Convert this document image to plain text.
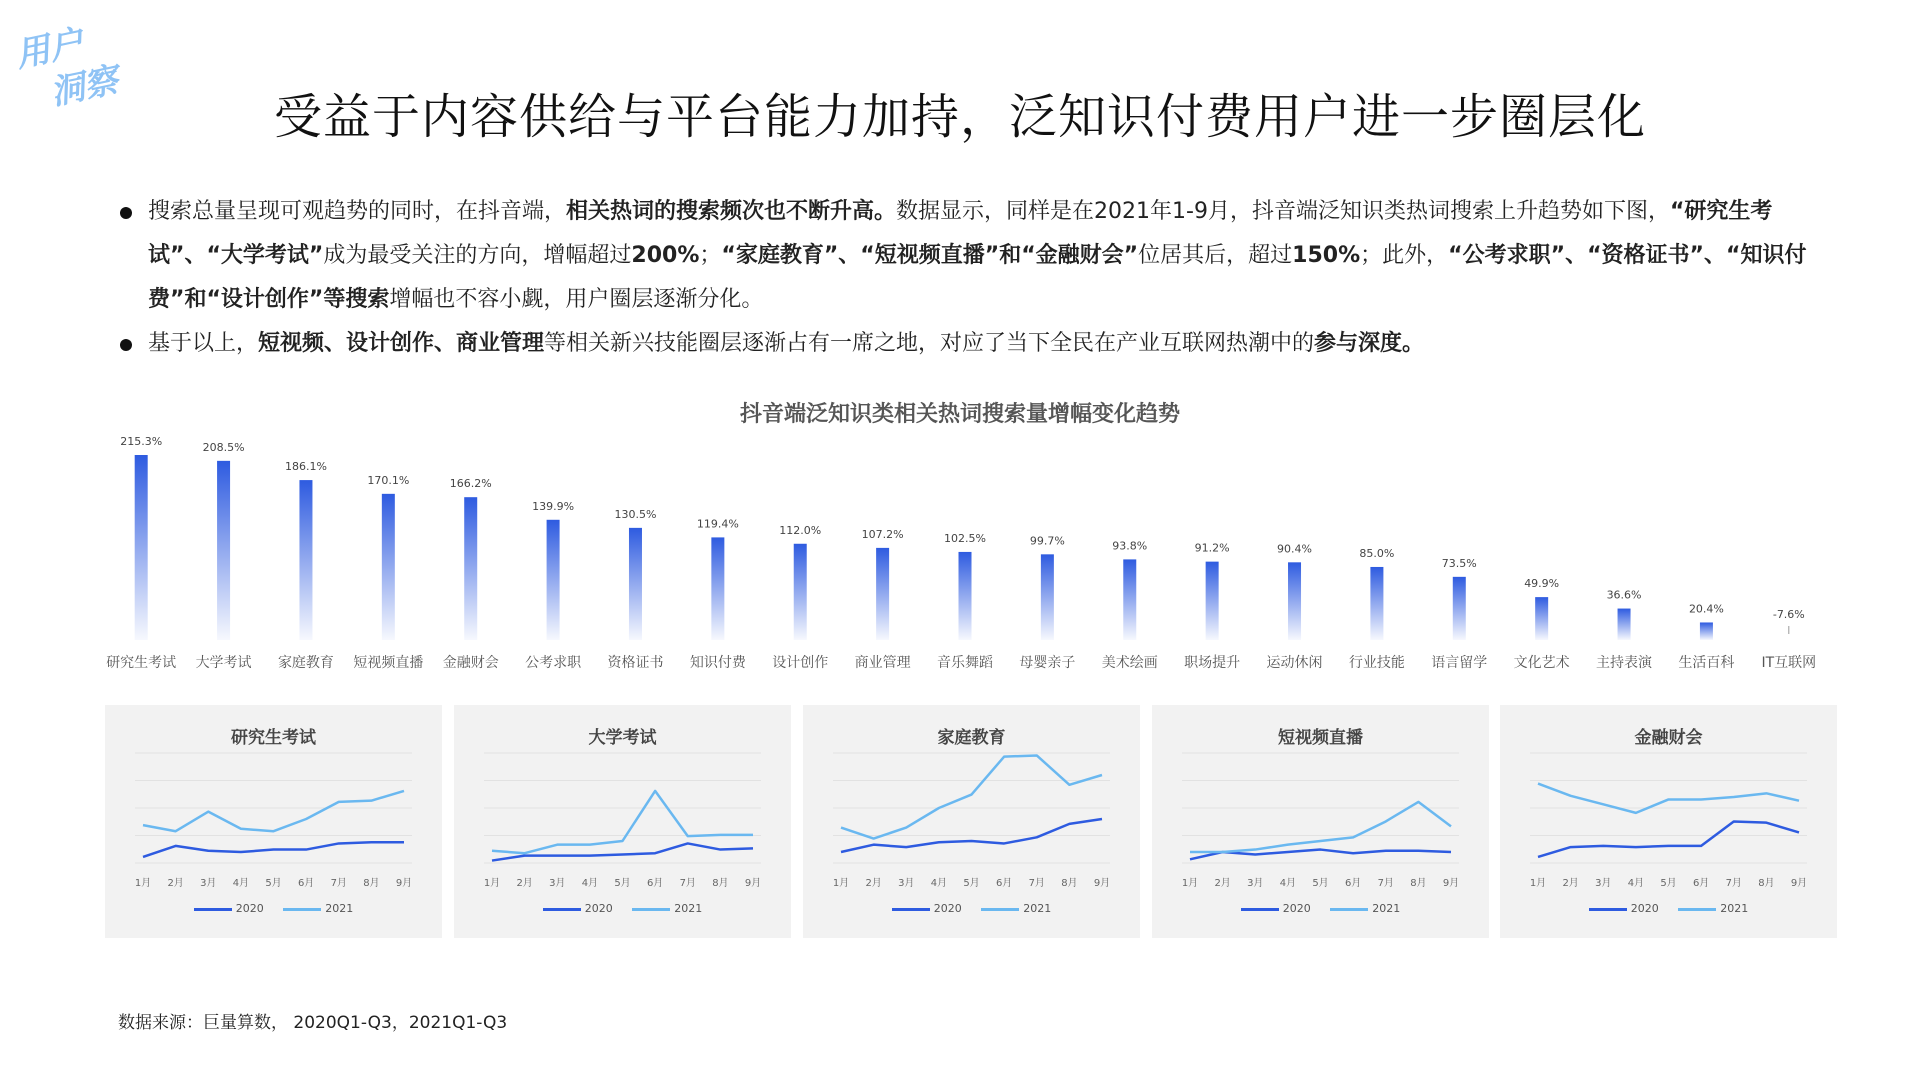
用户
洞察
受益于内容供给与平台能力加持，泛知识付费用户进一步圈层化
搜索总量呈现可观趋势的同时，在抖音端，相关热词的搜索频次也不断升高。数据显示，同样是在2021年1-9月，抖音端泛知识类热词搜索上升趋势如下图，“研究生考试”、“大学考试”成为最受关注的方向，增幅超过200%；“家庭教育”、“短视频直播”和“金融财会”位居其后，超过150%；此外，“公考求职”、“资格证书”、“知识付费”和“设计创作”等搜索增幅也不容小觑，用户圈层逐渐分化。
基于以上，短视频、设计创作、商业管理等相关新兴技能圈层逐渐占有一席之地，对应了当下全民在产业互联网热潮中的参与深度。
抖音端泛知识类相关热词搜索量增幅变化趋势
215.3%
研究生考试
208.5%
大学考试
186.1%
家庭教育
170.1%
短视频直播
166.2%
金融财会
139.9%
公考求职
130.5%
资格证书
119.4%
知识付费
112.0%
设计创作
107.2%
商业管理
102.5%
音乐舞蹈
99.7%
母婴亲子
93.8%
美术绘画
91.2%
职场提升
90.4%
运动休闲
85.0%
行业技能
73.5%
语言留学
49.9%
文化艺术
36.6%
主持表演
20.4%
生活百科
-7.6%
IT互联网
研究生考试
1月 2月 3月 4月 5月 6月 7月 8月 9月
2020	2021
大学考试
1月 2月 3月 4月 5月 6月 7月 8月 9月
2020	2021
家庭教育
1月 2月 3月 4月 5月 6月 7月 8月 9月
2020	2021
短视频直播
1月 2月 3月 4月 5月 6月 7月 8月 9月
2020	2021
金融财会
1月 2月 3月 4月 5月 6月 7月 8月 9月
2020	2021
数据来源：巨量算数， 2020Q1-Q3，2021Q1-Q3
